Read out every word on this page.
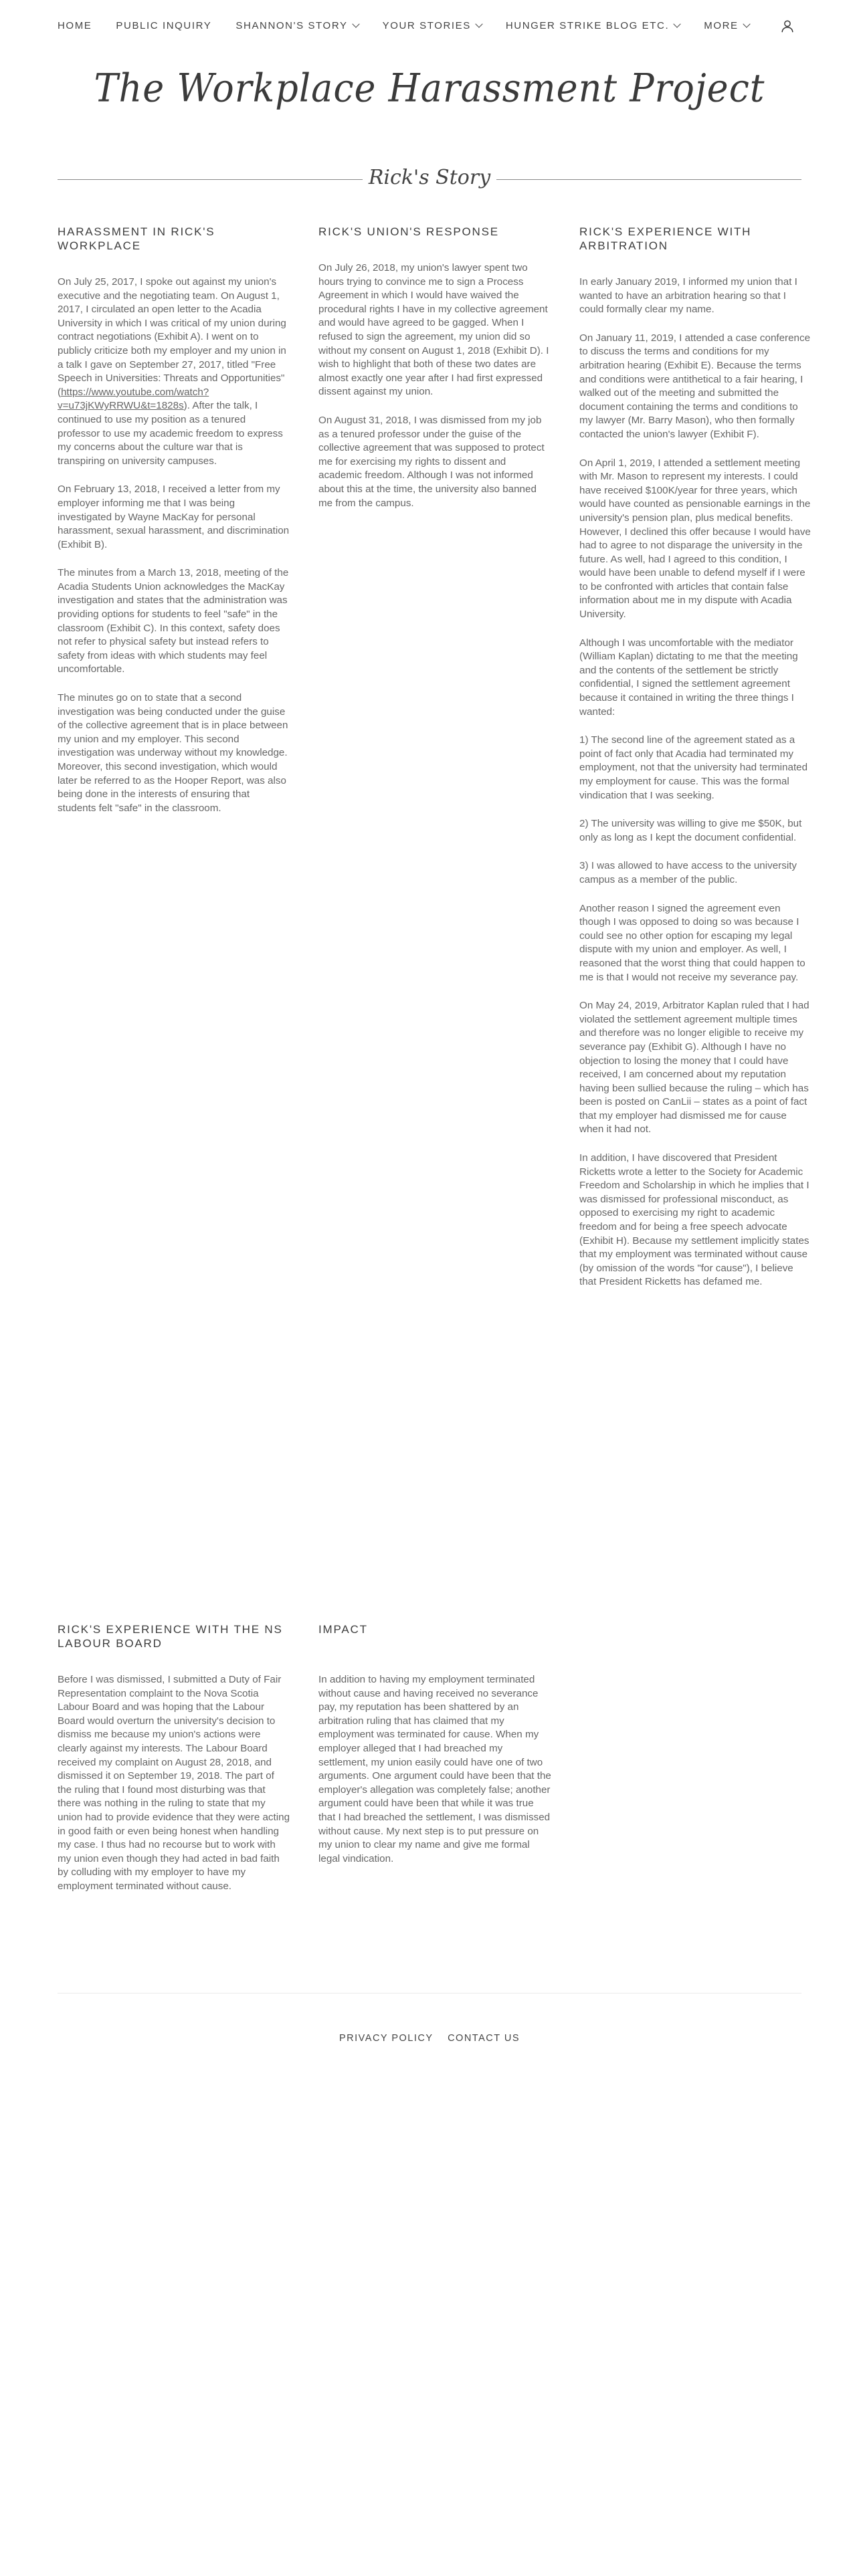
HOME PUBLIC INQUIRY SHANNON'S STORY	YOUR STORIES	HUNGER STRIKE BLOG ETC.	MORE
The Workplace Harassment Project
Rick's Story
HARASSMENT IN RICK'S WORKPLACE

On July 25, 2017, I spoke out against my union's executive and the negotiating team. On August 1, 2017, I circulated an open letter to the Acadia University in which I was critical of my union during contract negotiations (Exhibit A). I went on to publicly criticize both my employer and my union in a talk I gave on September 27, 2017, titled "Free Speech in Universities: Threats and Opportunities" (https://www.youtube.com/watch?v=u73jKWyRRWU&t=1828s). After the talk, I continued to use my position as a tenured professor to use my academic freedom to express my concerns about the culture war that is transpiring on university campuses.

On February 13, 2018, I received a letter from my employer informing me that I was being investigated by Wayne MacKay for personal harassment, sexual harassment, and discrimination (Exhibit B).

The minutes from a March 13, 2018, meeting of the Acadia Students Union acknowledges the MacKay investigation and states that the administration was providing options for students to feel "safe" in the classroom (Exhibit C). In this context, safety does not refer to physical safety but instead refers to safety from ideas with which students may feel uncomfortable.

The minutes go on to state that a second investigation was being conducted under the guise of the collective agreement that is in place between my union and my employer. This second investigation was underway without my knowledge. Moreover, this second investigation, which would later be referred to as the Hooper Report, was also being done in the interests of ensuring that students felt "safe" in the classroom.

RICK'S UNION'S RESPONSE

On July 26, 2018, my union's lawyer spent two hours trying to convince me to sign a Process Agreement in which I would have waived the procedural rights I have in my collective agreement and would have agreed to be gagged. When I refused to sign the agreement, my union did so without my consent on August 1, 2018 (Exhibit D). I wish to highlight that both of these two dates are almost exactly one year after I had first expressed dissent against my union.

On August 31, 2018, I was dismissed from my job as a tenured professor under the guise of the collective agreement that was supposed to protect me for exercising my rights to dissent and academic freedom. Although I was not informed about this at the time, the university also banned me from the campus.

RICK'S EXPERIENCE WITH ARBITRATION

In early January 2019, I informed my union that I wanted to have an arbitration hearing so that I could formally clear my name.

On January 11, 2019, I attended a case conference to discuss the terms and conditions for my arbitration hearing (Exhibit E). Because the terms and conditions were antithetical to a fair hearing, I walked out of the meeting and submitted the document containing the terms and conditions to my lawyer (Mr. Barry Mason), who then formally contacted the union's lawyer (Exhibit F).

On April 1, 2019, I attended a settlement meeting with Mr. Mason to represent my interests. I could have received $100K/year for three years, which would have counted as pensionable earnings in the university's pension plan, plus medical benefits. However, I declined this offer because I would have had to agree to not disparage the university in the future. As well, had I agreed to this condition, I would have been unable to defend myself if I were to be confronted with articles that contain false information about me in my dispute with Acadia University.

Although I was uncomfortable with the mediator (William Kaplan) dictating to me that the meeting and the contents of the settlement be strictly confidential, I signed the settlement agreement because it contained in writing the three things I wanted:

1) The second line of the agreement stated as a point of fact only that Acadia had terminated my employment, not that the university had terminated my employment for cause. This was the formal vindication that I was seeking.

2) The university was willing to give me $50K, but only as long as I kept the document confidential.

3) I was allowed to have access to the university campus as a member of the public.

Another reason I signed the agreement even though I was opposed to doing so was because I could see no other option for escaping my legal dispute with my union and employer. As well, I reasoned that the worst thing that could happen to me is that I would not receive my severance pay.

On May 24, 2019, Arbitrator Kaplan ruled that I had violated the settlement agreement multiple times and therefore was no longer eligible to receive my severance pay (Exhibit G). Although I have no objection to losing the money that I could have received, I am concerned about my reputation having been sullied because the ruling – which has been is posted on CanLii – states as a point of fact that my employer had dismissed me for cause when it had not.

In addition, I have discovered that President Ricketts wrote a letter to the Society for Academic Freedom and Scholarship in which he implies that I was dismissed for professional misconduct, as opposed to exercising my right to academic freedom and for being a free speech advocate (Exhibit H). Because my settlement implicitly states that my employment was terminated without cause (by omission of the words "for cause"), I believe that President Ricketts has defamed me.

RICK'S EXPERIENCE WITH THE NS LABOUR BOARD

Before I was dismissed, I submitted a Duty of Fair Representation complaint to the Nova Scotia Labour Board and was hoping that the Labour Board would overturn the university's decision to dismiss me because my union's actions were clearly against my interests. The Labour Board received my complaint on August 28, 2018, and dismissed it on September 19, 2018. The part of the ruling that I found most disturbing was that there was nothing in the ruling to state that my union had to provide evidence that they were acting in good faith or even being honest when handling my case. I thus had no recourse but to work with my union even though they had acted in bad faith by colluding with my employer to have my employment terminated without cause.

IMPACT

In addition to having my employment terminated without cause and having received no severance pay, my reputation has been shattered by an arbitration ruling that has claimed that my employment was terminated for cause. When my employer alleged that I had breached my settlement, my union easily could have one of two arguments. One argument could have been that the employer's allegation was completely false; another argument could have been that while it was true that I had breached the settlement, I was dismissed without cause. My next step is to put pressure on my union to clear my name and give me formal legal vindication.

PRIVACY POLICY CONTACT US
